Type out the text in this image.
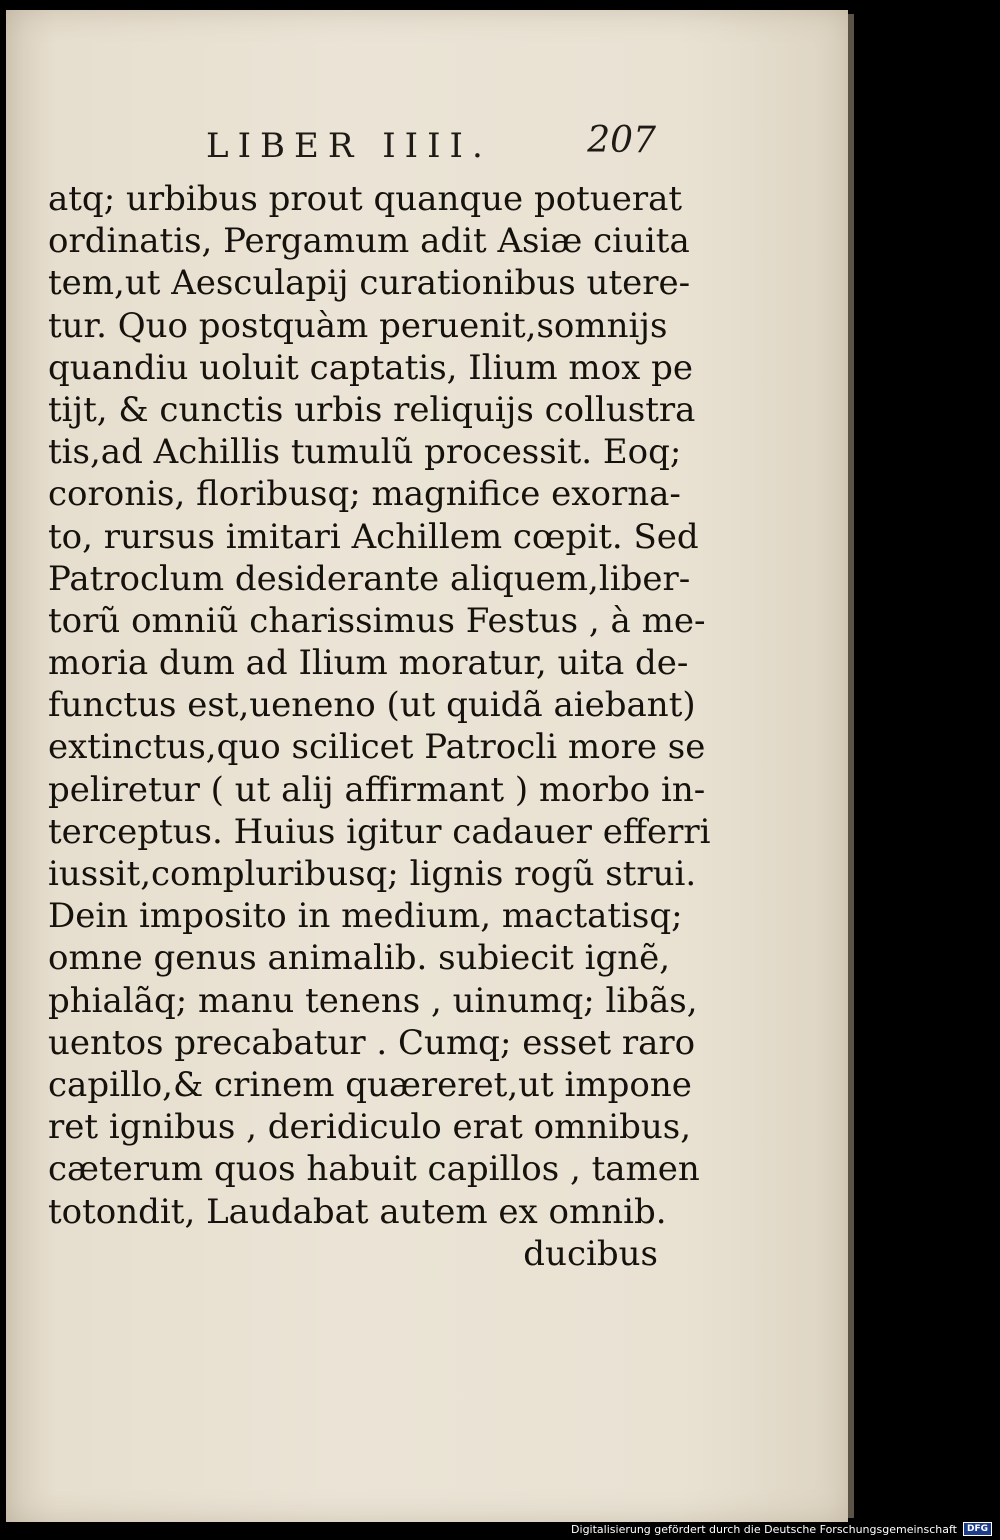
LIBER IIII.	207
atq; urbibus prout quanque potuerat
ordinatis, Pergamum adit Asiæ ciuita
tem,ut Aesculapij curationibus utere-
tur. Quo postquàm peruenit,somnijs
quandiu uoluit captatis, Ilium mox pe
tijt, & cunctis urbis reliquijs collustra
tis,ad Achillis tumulũ processit. Eoq;
coronis, floribusq; magnifice exorna-
to, rursus imitari Achillem cœpit. Sed
Patroclum desiderante aliquem,liber-
torũ omniũ charissimus Festus , à me-
moria dum ad Ilium moratur, uita de-
functus est,ueneno (ut quidã aiebant)
extinctus,quo scilicet Patrocli more se
peliretur ( ut alij affirmant ) morbo in-
terceptus. Huius igitur cadauer efferri
iussit,compluribusq; lignis rogũ strui.
Dein imposito in medium, mactatisq;
omne genus animalib. subiecit ignẽ,
phialãq; manu tenens , uinumq; libãs,
uentos precabatur . Cumq; esset raro
capillo,& crinem quæreret,ut impone
ret ignibus , deridiculo erat omnibus,
cæterum quos habuit capillos , tamen
totondit, Laudabat autem ex omnib.
ducibus
Digitalisierung gefördert durch die Deutsche Forschungsgemeinschaft	DFG
